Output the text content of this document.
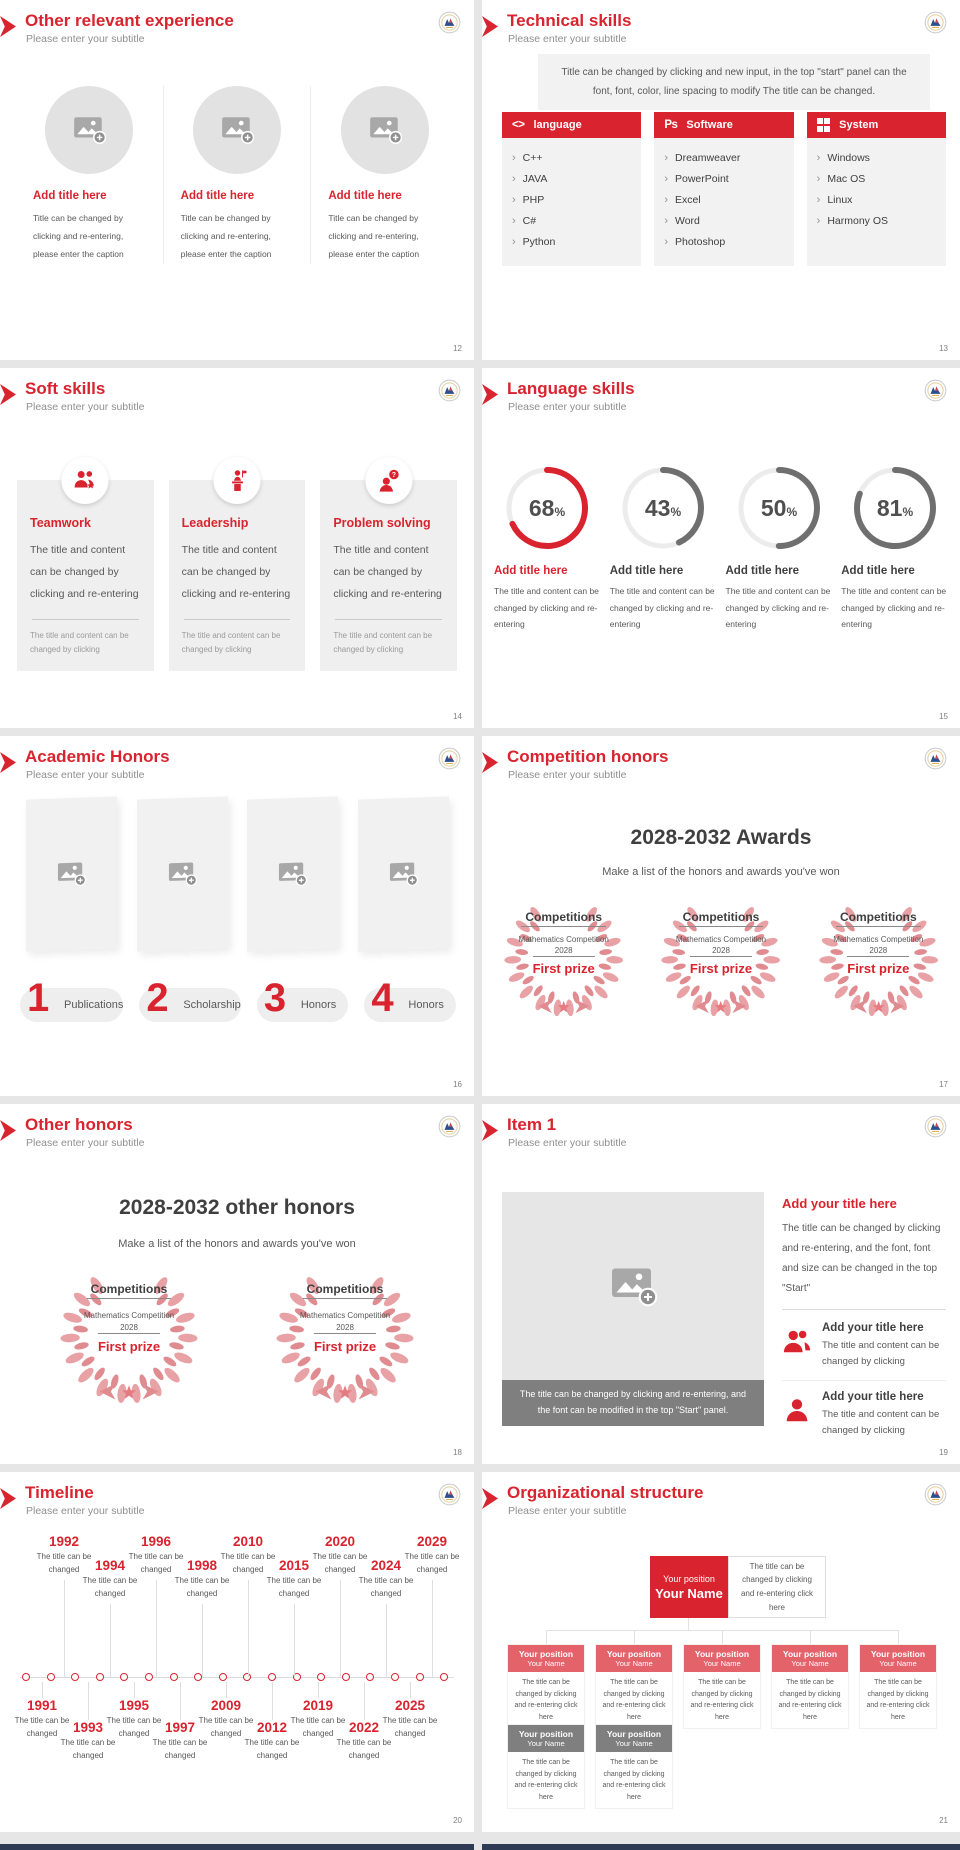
Other relevant experience

Please enter your subtitle

Add title here

Title can be changed by clicking and re-entering, please enter the caption

Add title here

Title can be changed by clicking and re-entering, please enter the caption

Add title here

Title can be changed by clicking and re-entering, please enter the caption

12
Technical skills

Please enter your subtitle

Title can be changed by clicking and new input, in the top "start" panel can the font, font, color, line spacing to modify The title can be changed.

<> language
› C++
› JAVA
› PHP
› C#
› Python
Ps Software
› Dreamweaver
› PowerPoint
› Excel
› Word
› Photoshop
System
› Windows
› Mac OS
› Linux
› Harmony OS
13
Soft skills

Please enter your subtitle

Teamwork

The title and content can be changed by clicking and re-entering

The title and content can be changed by clicking

Leadership

The title and content can be changed by clicking and re-entering

The title and content can be changed by clicking

?
Problem solving

The title and content can be changed by clicking and re-entering

The title and content can be changed by clicking

14
Language skills

Please enter your subtitle

68%
Add title here

The title and content can be changed by clicking and re-entering

43%
Add title here

The title and content can be changed by clicking and re-entering

50%
Add title here

The title and content can be changed by clicking and re-entering

81%
Add title here

The title and content can be changed by clicking and re-entering

15
Academic Honors

Please enter your subtitle

1 Publications 2 Scholarship 3 Honors 4 Honors
16
Competition honors

Please enter your subtitle

2028-2032 Awards

Make a list of the honors and awards you've won

Competitions
Mathematics Competition
2028
First prize
Competitions
Mathematics Competition
2028
First prize
Competitions
Mathematics Competition
2028
First prize
17
Other honors

Please enter your subtitle

2028-2032 other honors

Make a list of the honors and awards you've won

Competitions
Mathematics Competition
2028
First prize
Competitions
Mathematics Competition
2028
First prize
18
Item 1

Please enter your subtitle

The title can be changed by clicking and re-entering, and the font can be modified in the top "Start" panel.
Add your title here

The title can be changed by clicking and re-entering, and the font, font and size can be changed in the top "Start"

Add your title here

The title and content can be changed by clicking

Add your title here

The title and content can be changed by clicking

19
Timeline

Please enter your subtitle

1992
The title can be changed	1994
The title can be changed
1996
The title can be changed	1998
The title can be changed
2010
The title can be changed	2015
The title can be changed
2020
The title can be changed	2024
The title can be changed
2029
The title can be changed
1991
The title can be changed	1993
The title can be changed
1995
The title can be changed	1997
The title can be changed
2009
The title can be changed	2012
The title can be changed
2019
The title can be changed	2022
The title can be changed
2025
The title can be changed
20
Organizational structure

Please enter your subtitle

Your position
Your Name
The title can be changed by clicking and re-entering click here
Your position
Your Name
The title can be changed by clicking and re-entering click here
Your position
Your Name
The title can be changed by clicking and re-entering click here
Your position
Your Name
The title can be changed by clicking and re-entering click here
Your position
Your Name
The title can be changed by clicking and re-entering click here
Your position
Your Name
The title can be changed by clicking and re-entering click here
Your position
Your Name
The title can be changed by clicking and re-entering click here
Your position
Your Name
The title can be changed by clicking and re-entering click here
21
